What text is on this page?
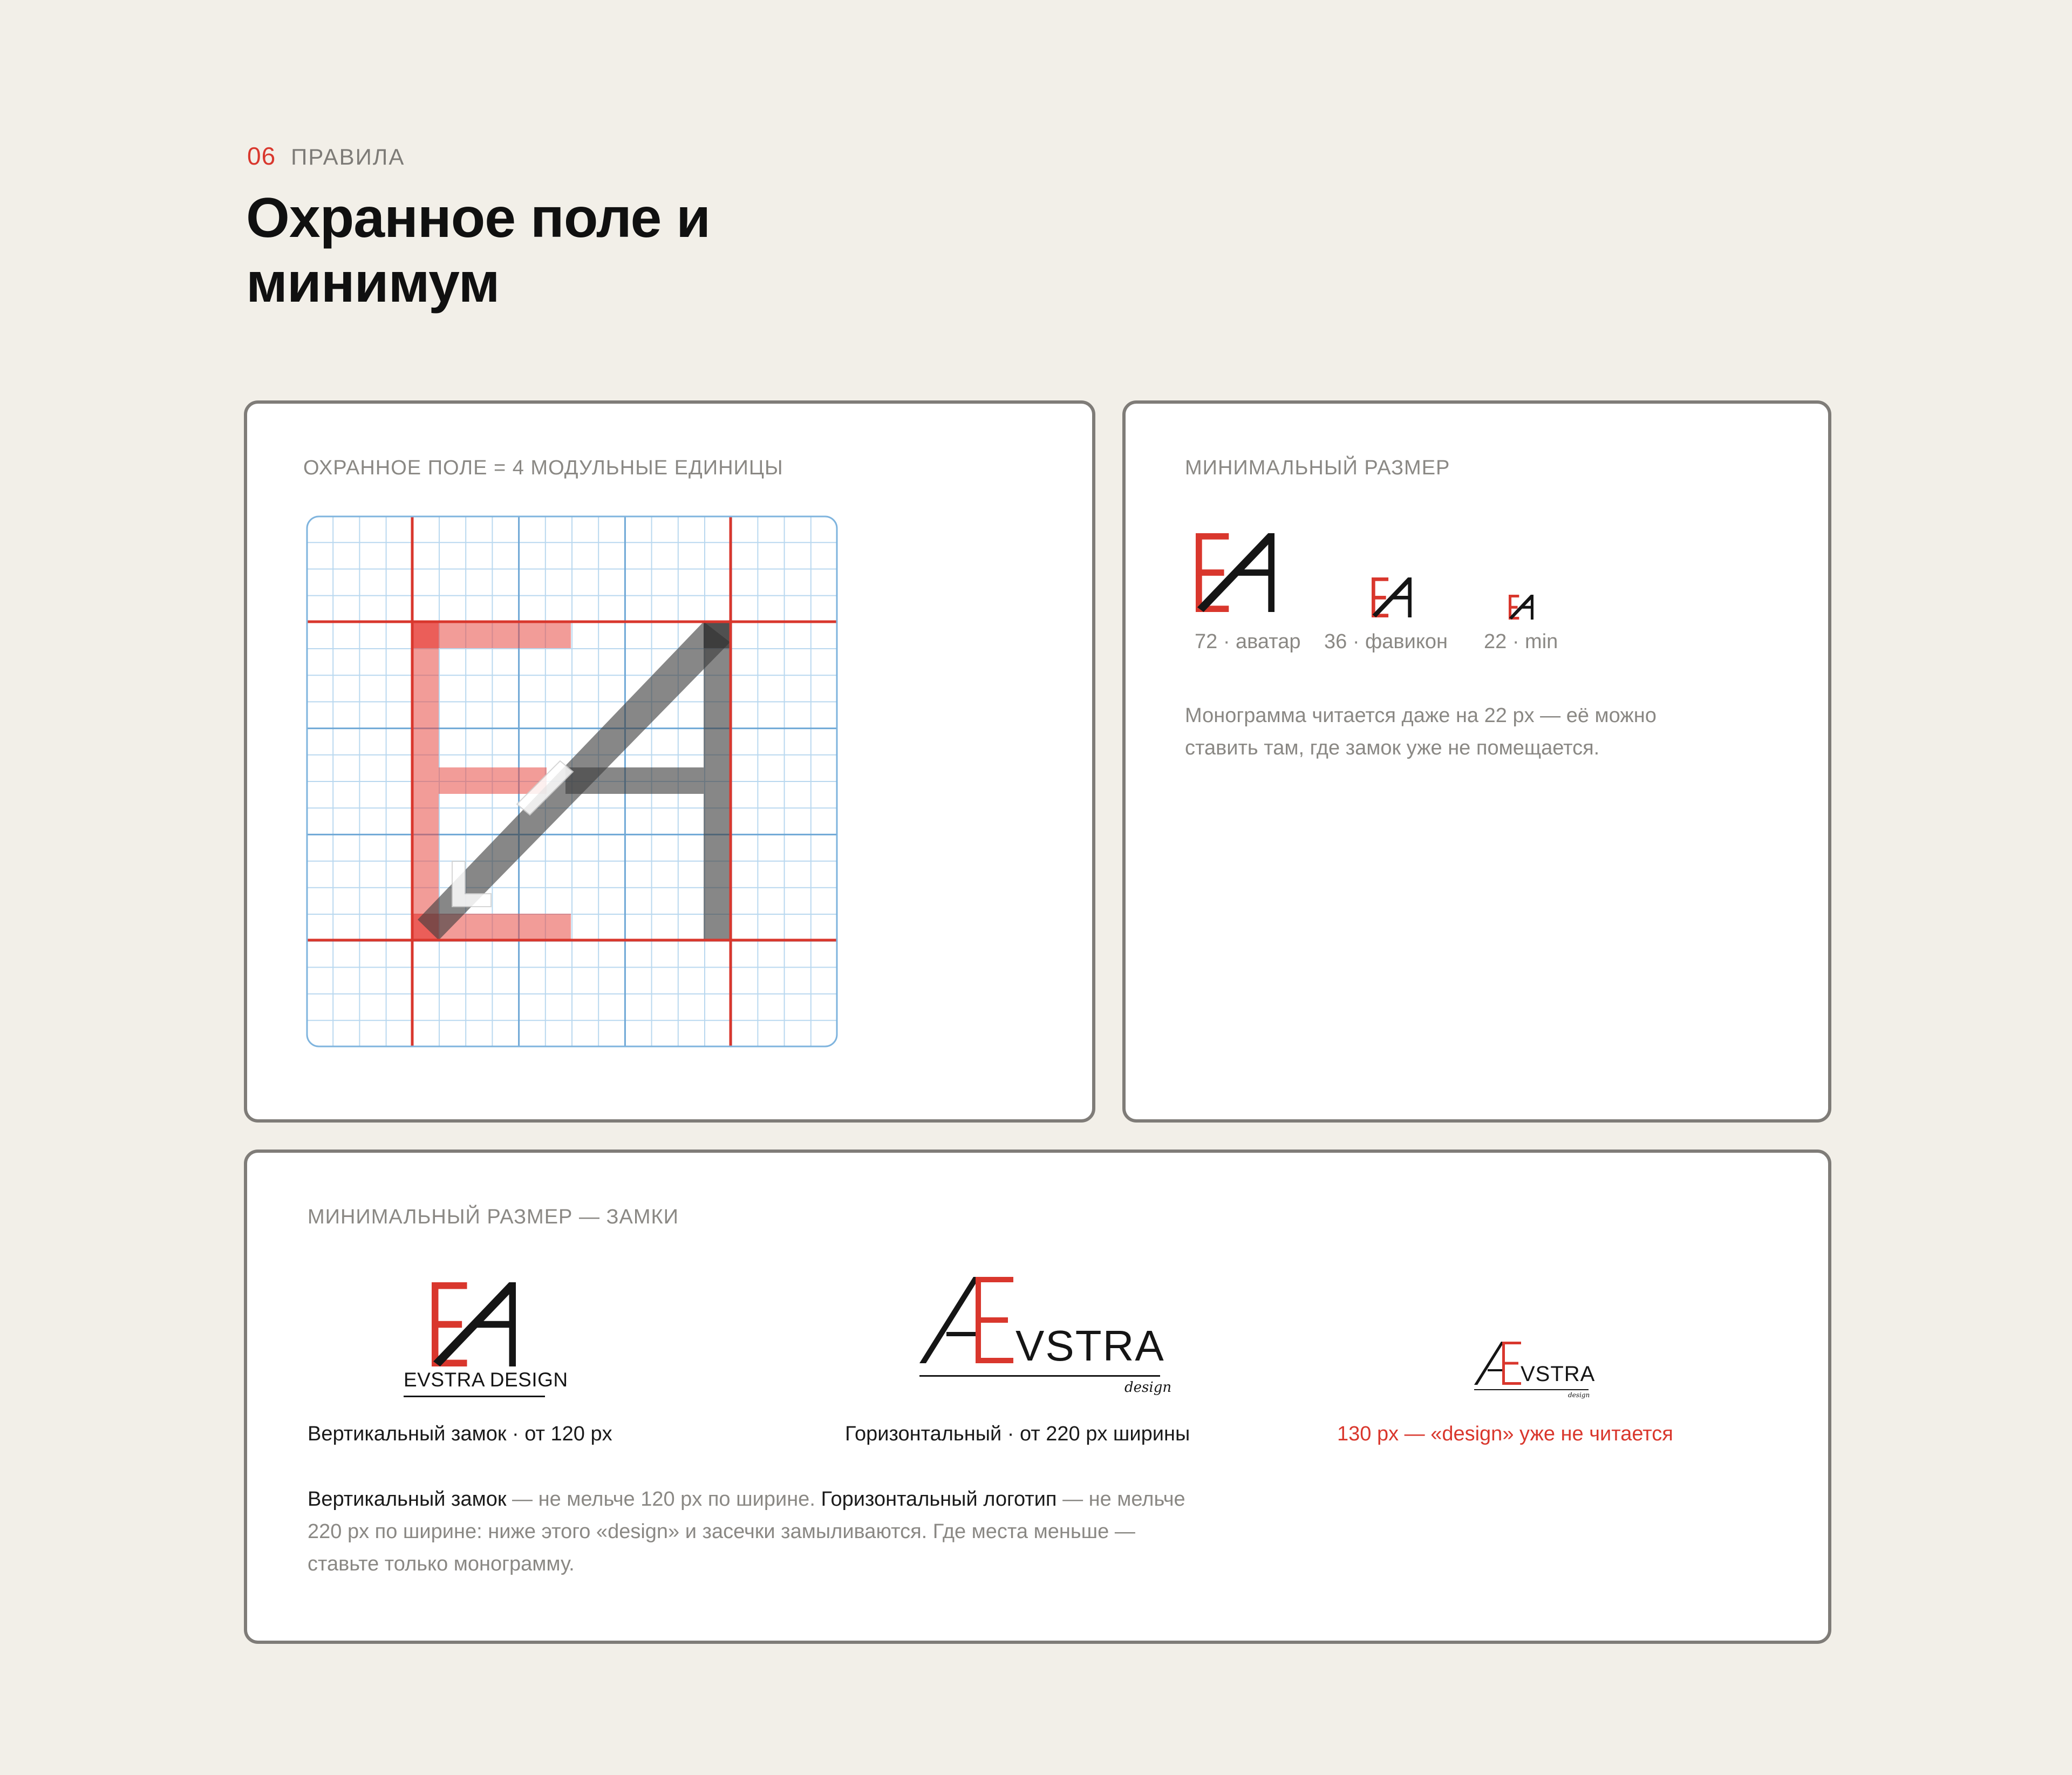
06 ПРАВИЛА
Охранное поле и
минимум
ОХРАННОЕ ПОЛЕ = 4 МОДУЛЬНЫЕ ЕДИНИЦЫ	МИНИМАЛЬНЫЙ РАЗМЕР
72 · аватар 36 · фавикон 22 · min

Монограмма читается даже на 22 px — её можно
ставить там, где замок уже не помещается.

МИНИМАЛЬНЫЙ РАЗМЕР — ЗАМКИ
EVSTRA DESIGN
Вертикальный замок · от 120 px
VSTRA
design
Горизонтальный · от 220 px ширины
VSTRA
design
130 px — «design» уже не читается

Вертикальный замок — не мельче 120 px по ширине. Горизонтальный логотип — не мельче
220 px по ширине: ниже этого «design» и засечки замыливаются. Где места меньше —
ставьте только монограмму.
